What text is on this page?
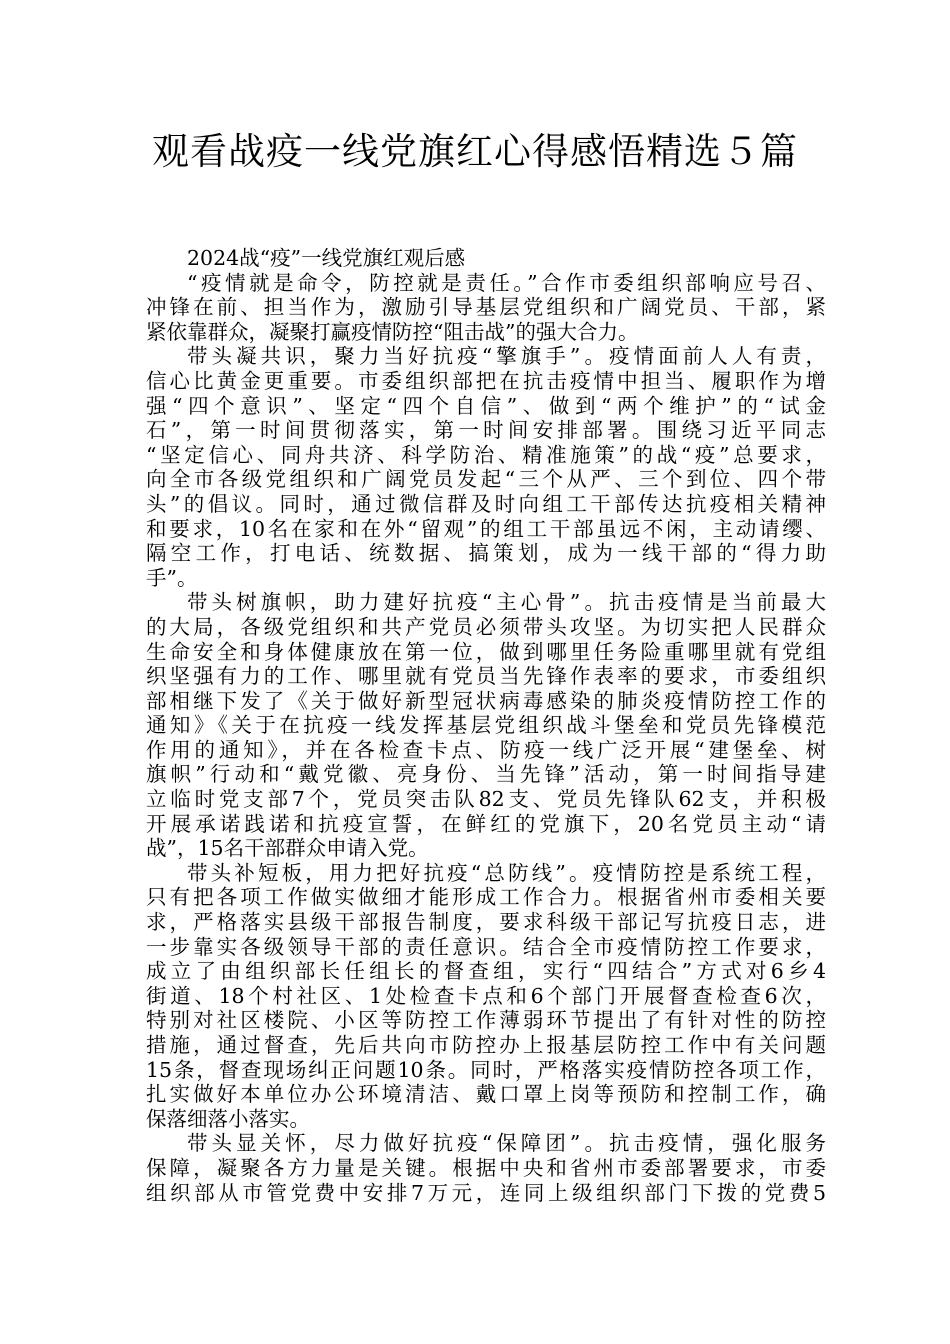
观看战疫一线党旗红心得感悟精选５篇
2024战“疫”一线党旗红观后感
“疫情就是命令，防控就是责任。”合作市委组织部响应号召、
冲锋在前、担当作为，激励引导基层党组织和广阔党员、干部，紧
紧依靠群众，凝聚打赢疫情防控“阻击战”的强大合力。
带头凝共识，聚力当好抗疫“擎旗手”。疫情面前人人有责，
信心比黄金更重要。市委组织部把在抗击疫情中担当、履职作为增
强“四个意识”、坚定“四个自信”、做到“两个维护”的“试金
石”，第一时间贯彻落实，第一时间安排部署。围绕习近平同志
“坚定信心、同舟共济、科学防治、精准施策”的战“疫”总要求，
向全市各级党组织和广阔党员发起“三个从严、三个到位、四个带
头”的倡议。同时，通过微信群及时向组工干部传达抗疫相关精神
和要求，10名在家和在外“留观”的组工干部虽远不闲，主动请缨、
隔空工作，打电话、统数据、搞策划，成为一线干部的“得力助
手”。
带头树旗帜，助力建好抗疫“主心骨”。抗击疫情是当前最大
的大局，各级党组织和共产党员必须带头攻坚。为切实把人民群众
生命安全和身体健康放在第一位，做到哪里任务险重哪里就有党组
织坚强有力的工作、哪里就有党员当先锋作表率的要求，市委组织
部相继下发了《关于做好新型冠状病毒感染的肺炎疫情防控工作的
通知》《关于在抗疫一线发挥基层党组织战斗堡垒和党员先锋模范
作用的通知》，并在各检查卡点、防疫一线广泛开展“建堡垒、树
旗帜”行动和“戴党徽、亮身份、当先锋”活动，第一时间指导建
立临时党支部7个，党员突击队82支、党员先锋队62支，并积极
开展承诺践诺和抗疫宣誓，在鲜红的党旗下，20名党员主动“请
战”，15名干部群众申请入党。
带头补短板，用力把好抗疫“总防线”。疫情防控是系统工程，
只有把各项工作做实做细才能形成工作合力。根据省州市委相关要
求，严格落实县级干部报告制度，要求科级干部记写抗疫日志，进
一步靠实各级领导干部的责任意识。结合全市疫情防控工作要求，
成立了由组织部长任组长的督查组，实行“四结合”方式对6乡4
街道、18个村社区、1处检查卡点和6个部门开展督查检查6次，
特别对社区楼院、小区等防控工作薄弱环节提出了有针对性的防控
措施，通过督查，先后共向市防控办上报基层防控工作中有关问题
15条，督查现场纠正问题10条。同时，严格落实疫情防控各项工作，
扎实做好本单位办公环境清洁、戴口罩上岗等预防和控制工作，确
保落细落小落实。
带头显关怀，尽力做好抗疫“保障团”。抗击疫情，强化服务
保障，凝聚各方力量是关键。根据中央和省州市委部署要求，市委
组织部从市管党费中安排7万元，连同上级组织部门下拨的党费5
